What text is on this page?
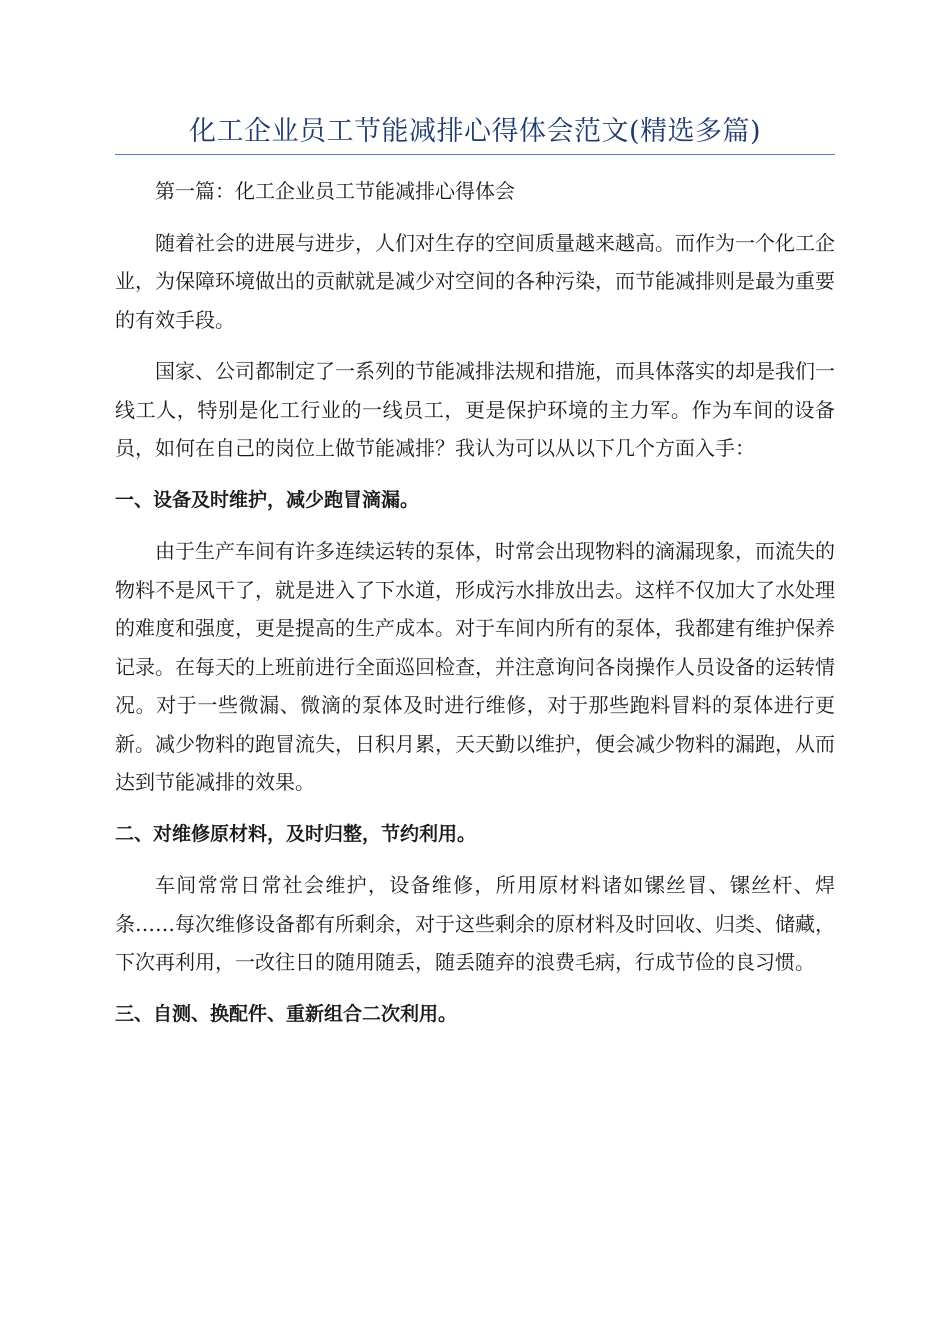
化工企业员工节能减排心得体会范文(精选多篇)

第一篇：化工企业员工节能减排心得体会

随着社会的进展与进步，人们对生存的空间质量越来越高。而作为一个化工企业，为保障环境做出的贡献就是减少对空间的各种污染，而节能减排则是最为重要的有效手段。

国家、公司都制定了一系列的节能减排法规和措施，而具体落实的却是我们一线工人，特别是化工行业的一线员工，更是保护环境的主力军。作为车间的设备员，如何在自己的岗位上做节能减排？我认为可以从以下几个方面入手：

一、设备及时维护，减少跑冒滴漏。

由于生产车间有许多连续运转的泵体，时常会出现物料的滴漏现象，而流失的物料不是风干了，就是进入了下水道，形成污水排放出去。这样不仅加大了水处理的难度和强度，更是提高的生产成本。对于车间内所有的泵体，我都建有维护保养记录。在每天的上班前进行全面巡回检查，并注意询问各岗操作人员设备的运转情况。对于一些微漏、微滴的泵体及时进行维修，对于那些跑料冒料的泵体进行更新。减少物料的跑冒流失，日积月累，天天勤以维护，便会减少物料的漏跑，从而达到节能减排的效果。

二、对维修原材料，及时归整，节约利用。

车间常常日常社会维护，设备维修，所用原材料诸如镙丝冒、镙丝杆、焊条……每次维修设备都有所剩余，对于这些剩余的原材料及时回收、归类、储藏，下次再利用，一改往日的随用随丢，随丢随弃的浪费毛病，行成节俭的良习惯。

三、自测、换配件、重新组合二次利用。
